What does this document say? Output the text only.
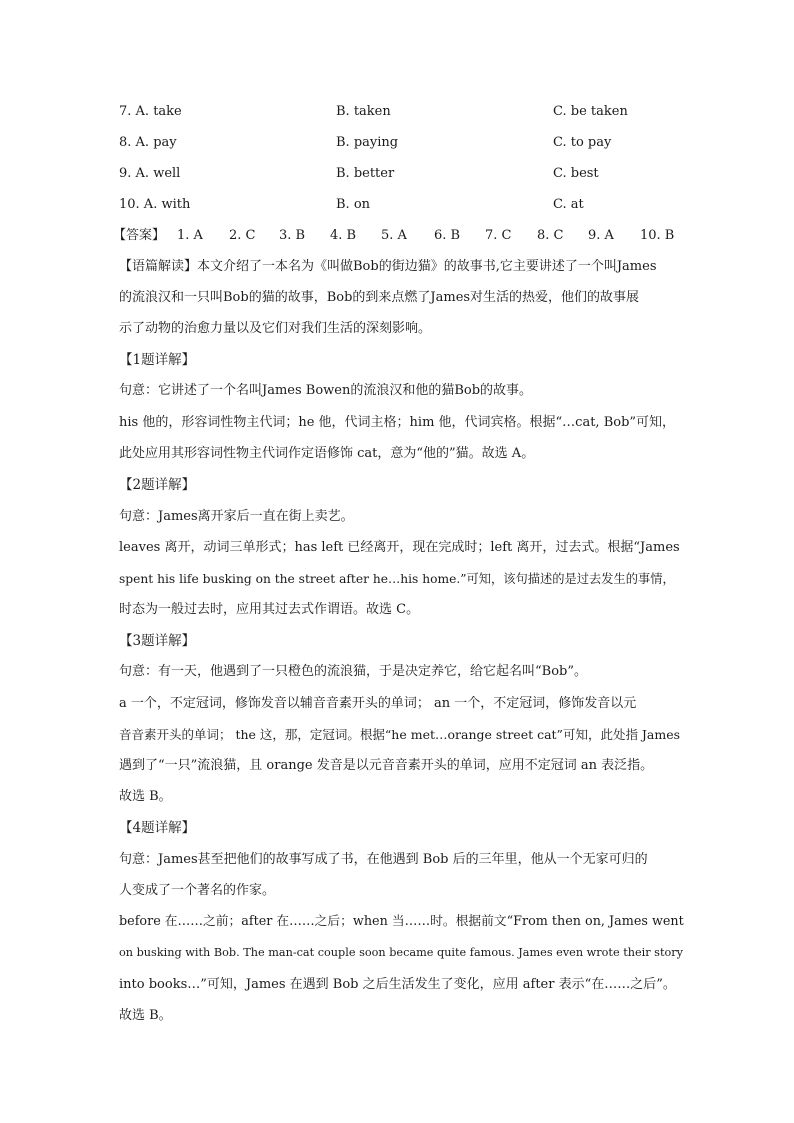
7. A. take	B. taken	C. be taken
8. A. pay	B. paying	C. to pay
9. A. well	B. better	C. best
10. A. with	B. on	C. at
【答案】 1. A 2. C 3. B 4. B 5. A 6. B 7. C 8. C 9. A 10. B
【语篇解读】本文介绍了一本名为《叫做Bob的街边猫》的故事书,它主要讲述了一个叫James
的流浪汉和一只叫Bob的猫的故事，Bob的到来点燃了James对生活的热爱，他们的故事展
示了动物的治愈力量以及它们对我们生活的深刻影响。
【1题详解】
句意：它讲述了一个名叫James Bowen的流浪汉和他的猫Bob的故事。
his 他的，形容词性物主代词；he 他，代词主格；him 他，代词宾格。根据“…cat, Bob”可知，
此处应用其形容词性物主代词作定语修饰 cat，意为“他的”猫。故选 A。
【2题详解】
句意：James离开家后一直在街上卖艺。
leaves 离开，动词三单形式；has left 已经离开，现在完成时；left 离开，过去式。根据“James
spent his life busking on the street after he…his home.”可知，该句描述的是过去发生的事情，
时态为一般过去时，应用其过去式作谓语。故选 C。
【3题详解】
句意：有一天，他遇到了一只橙色的流浪猫，于是决定养它，给它起名叫“Bob”。
a 一个，不定冠词，修饰发音以辅音音素开头的单词； an 一个，不定冠词，修饰发音以元
音音素开头的单词； the 这，那，定冠词。根据“he met…orange street cat”可知，此处指 James
遇到了“一只”流浪猫，且 orange 发音是以元音音素开头的单词，应用不定冠词 an 表泛指。
故选 B。
【4题详解】
句意：James甚至把他们的故事写成了书，在他遇到 Bob 后的三年里，他从一个无家可归的
人变成了一个著名的作家。
before 在……之前；after 在……之后；when 当……时。根据前文“From then on, James went
on busking with Bob. The man-cat couple soon became quite famous. James even wrote their story
into books…”可知，James 在遇到 Bob 之后生活发生了变化，应用 after 表示“在……之后”。
故选 B。
